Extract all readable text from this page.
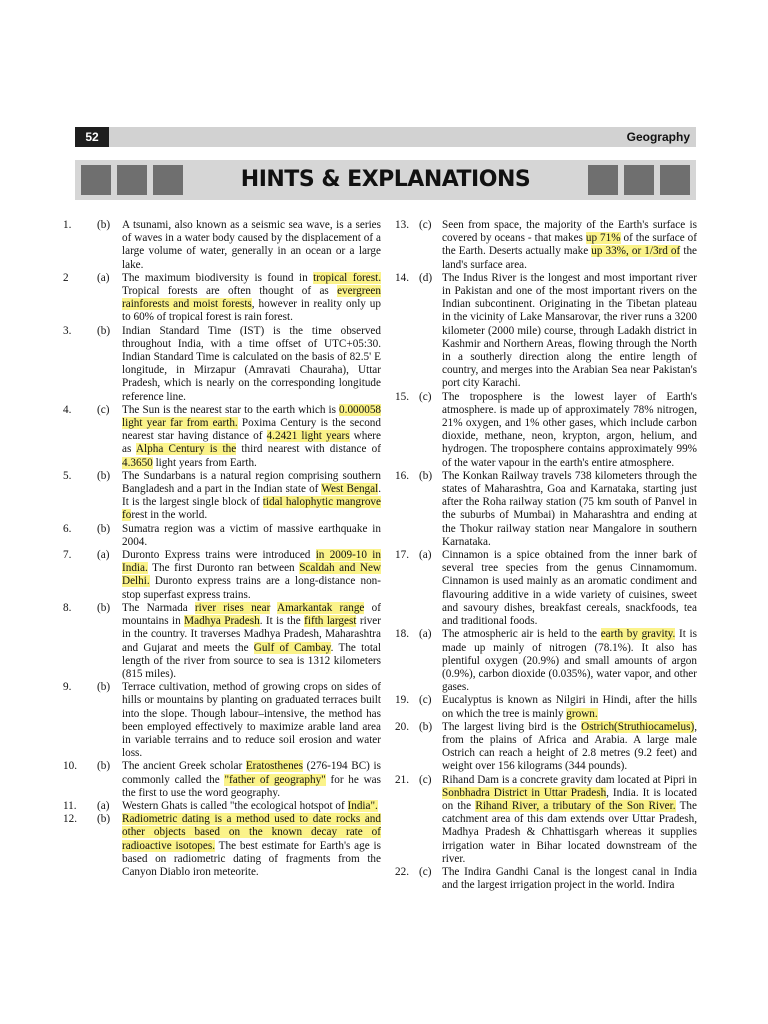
52	Geography
HINTS & EXPLANATIONS
1.	(b)	A tsunami, also known as a seismic sea wave, is a series of waves in a water body caused by the displacement of a large volume of water, generally in an ocean or a large lake.
2	(a)	The maximum biodiversity is found in tropical forest. Tropical forests are often thought of as evergreen rainforests and moist forests, however in reality only up to 60% of tropical forest is rain forest.
3.	(b)	Indian Standard Time (IST) is the time observed throughout India, with a time offset of UTC+05:30. Indian Standard Time is calculated on the basis of 82.5' E longitude, in Mirzapur (Amravati Chauraha), Uttar Pradesh, which is nearly on the corresponding longitude reference line.
4.	(c)	The Sun is the nearest star to the earth which is 0.000058 light year far from earth. Poxima Century is the second nearest star having distance of 4.2421 light years where as Alpha Century is the third nearest with distance of 4.3650 light years from Earth.
5.	(b)	The Sundarbans is a natural region comprising southern Bangladesh and a part in the Indian state of West Bengal. It is the largest single block of tidal halophytic mangrove forest in the world.
6.	(b)	Sumatra region was a victim of massive earthquake in 2004.
7.	(a)	Duronto Express trains were introduced in 2009-10 in India. The first Duronto ran between Scaldah and New Delhi. Duronto express trains are a long-distance non-stop superfast express trains.
8.	(b)	The Narmada river rises near Amarkantak range of mountains in Madhya Pradesh. It is the fifth largest river in the country. It traverses Madhya Pradesh, Maharashtra and Gujarat and meets the Gulf of Cambay. The total length of the river from source to sea is 1312 kilometers (815 miles).
9.	(b)	Terrace cultivation, method of growing crops on sides of hills or mountains by planting on graduated terraces built into the slope. Though labour–intensive, the method has been employed effectively to maximize arable land area in variable terrains and to reduce soil erosion and water loss.
10.	(b)	The ancient Greek scholar Eratosthenes (276-194 BC) is commonly called the "father of geography" for he was the first to use the word geography.
11.	(a)	Western Ghats is called "the ecological hotspot of India".
12.	(b)	Radiometric dating is a method used to date rocks and other objects based on the known decay rate of radioactive isotopes. The best estimate for Earth's age is based on radiometric dating of fragments from the Canyon Diablo iron meteorite.
13. (c) Seen from space, the majority of the Earth's surface is covered by oceans - that makes up 71% of the surface of the Earth. Deserts actually make up 33%, or 1/3rd of the land's surface area.
14. (d) The Indus River is the longest and most important river in Pakistan and one of the most important rivers on the Indian subcontinent. Originating in the Tibetan plateau in the vicinity of Lake Mansarovar, the river runs a 3200 kilometer (2000 mile) course, through Ladakh district in Kashmir and Northern Areas, flowing through the North in a southerly direction along the entire length of country, and merges into the Arabian Sea near Pakistan's port city Karachi.
15. (c) The troposphere is the lowest layer of Earth's atmosphere. is made up of approximately 78% nitrogen, 21% oxygen, and 1% other gases, which include carbon dioxide, methane, neon, krypton, argon, helium, and hydrogen. The troposphere contains approximately 99% of the water vapour in the earth's entire atmosphere.
16. (b) The Konkan Railway travels 738 kilometers through the states of Maharashtra, Goa and Karnataka, starting just after the Roha railway station (75 km south of Panvel in the suburbs of Mumbai) in Maharashtra and ending at the Thokur railway station near Mangalore in southern Karnataka.
17. (a) Cinnamon is a spice obtained from the inner bark of several tree species from the genus Cinnamomum. Cinnamon is used mainly as an aromatic condiment and flavouring additive in a wide variety of cuisines, sweet and savoury dishes, breakfast cereals, snackfoods, tea and traditional foods.
18. (a) The atmospheric air is held to the earth by gravity. It is made up mainly of nitrogen (78.1%). It also has plentiful oxygen (20.9%) and small amounts of argon (0.9%), carbon dioxide (0.035%), water vapor, and other gases.
19. (c) Eucalyptus is known as Nilgiri in Hindi, after the hills on which the tree is mainly grown.
20. (b) The largest living bird is the Ostrich(Struthiocamelus), from the plains of Africa and Arabia. A large male Ostrich can reach a height of 2.8 metres (9.2 feet) and weight over 156 kilograms (344 pounds).
21. (c) Rihand Dam is a concrete gravity dam located at Pipri in Sonbhadra District in Uttar Pradesh, India. It is located on the Rihand River, a tributary of the Son River. The catchment area of this dam extends over Uttar Pradesh, Madhya Pradesh & Chhattisgarh whereas it supplies irrigation water in Bihar located downstream of the river.
22. (c) The Indira Gandhi Canal is the longest canal in India and the largest irrigation project in the world. Indira
